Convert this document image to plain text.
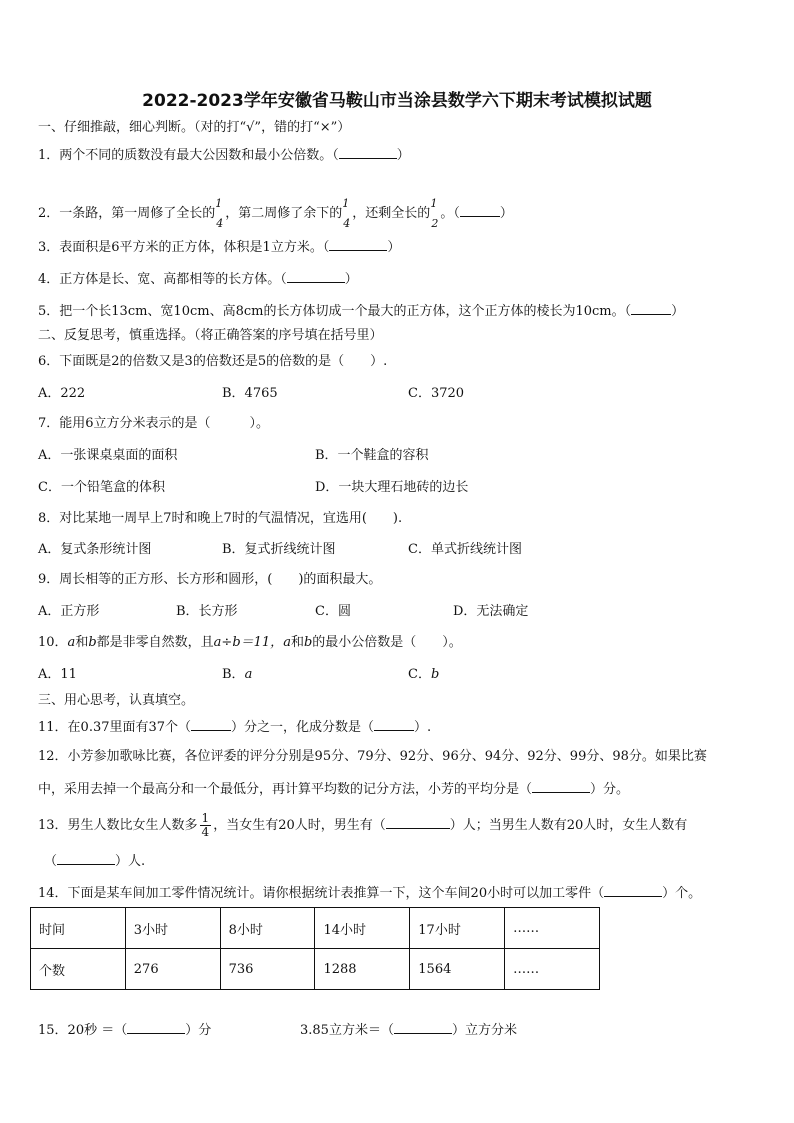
2022-2023学年安徽省马鞍山市当涂县数学六下期末考试模拟试题
一、仔细推敲，细心判断。（对的打“√”，错的打“×”）
1．两个不同的质数没有最大公因数和最小公倍数。（	）
2．一条路，第一周修了全长的
1
4
，第二周修了余下的
1
4
，还剩全长的
1
2
。（	）
3．表面积是6平方米的正方体，体积是1立方米。（	）
4．正方体是长、宽、高都相等的长方体。（	）
5．把一个长13cm、宽10cm、高8cm的长方体切成一个最大的正方体，这个正方体的棱长为10cm。（	）
二、反复思考，慎重选择。（将正确答案的序号填在括号里）
6．下面既是2的倍数又是3的倍数还是5的倍数的是（　　）.
A．222	B．4765	C．3720
7．能用6立方分米表示的是（　　　）。
A．一张课桌桌面的面积	B．一个鞋盒的容积
C．一个铅笔盒的体积	D．一块大理石地砖的边长
8．对比某地一周早上7时和晚上7时的气温情况，宜选用(　　).
A．复式条形统计图	B．复式折线统计图	C．单式折线统计图
9．周长相等的正方形、长方形和圆形，(　　)的面积最大。
A．正方形	B．长方形	C．圆	D．无法确定
10．a和b都是非零自然数，且a÷b＝11，a和b的最小公倍数是（　　）。
A．11	B．a	C．b
三、用心思考，认真填空。
11．在0.37里面有37个（	）分之一，化成分数是（	）.
12．小芳参加歌咏比赛，各位评委的评分分别是95分、79分、92分、96分、94分、92分、99分、98分。如果比赛
中，采用去掉一个最高分和一个最低分，再计算平均数的记分方法，小芳的平均分是（	）分。
13．男生人数比女生人数多 $\frac{1}{4}$ ，当女生有20人时，男生有（	）人；当男生人数有20人时，女生人数有
（	）人.
14．下面是某车间加工零件情况统计。请你根据统计表推算一下，这个车间20小时可以加工零件（	）个。
时间	3小时	8小时	14小时	17小时	……
个数	276	736	1288	1564	……
15．20秒 ＝（	）分	3.85立方米＝（	）立方分米
